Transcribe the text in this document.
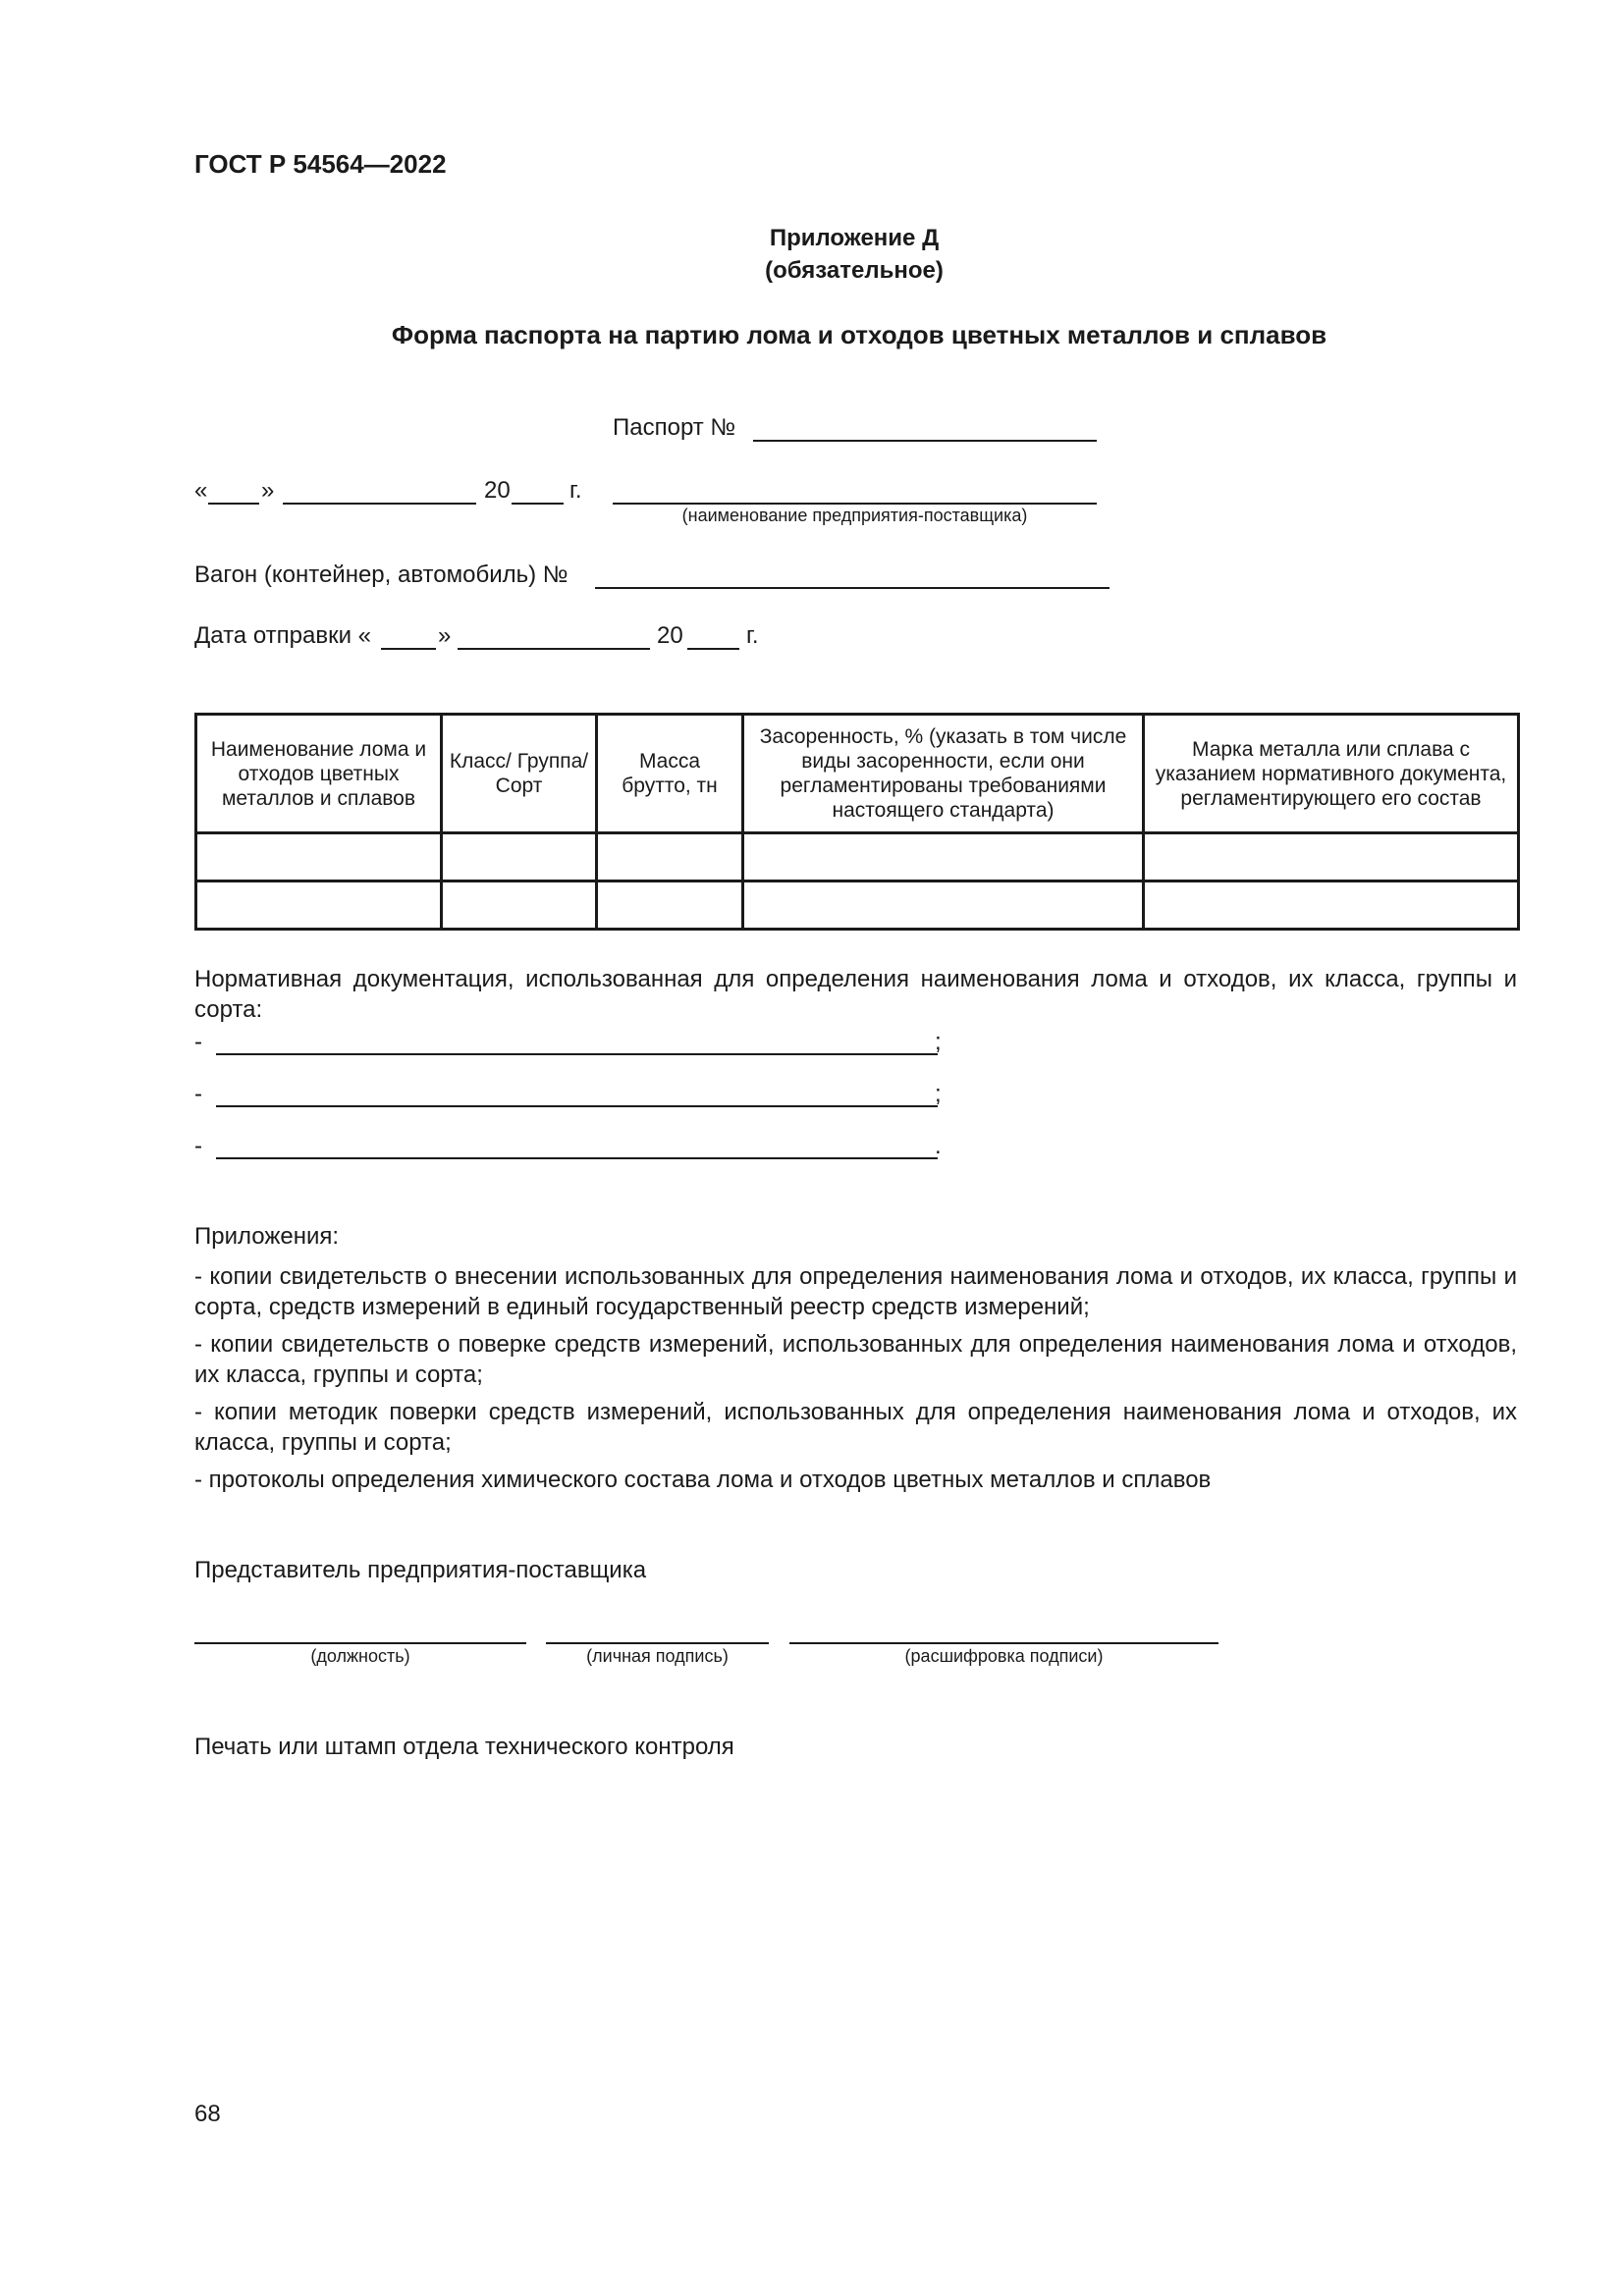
ГОСТ Р 54564—2022
Приложение Д
(обязательное)
Форма паспорта на партию лома и отходов цветных металлов и сплавов
Паспорт №
« »	20	г.
(наименование предприятия-поставщика)
Вагон (контейнер, автомобиль) №
Дата отправки «	»	20	г.
Наименование лома и отходов цветных металлов и сплавов	Класс/ Группа/ Сорт	Масса брутто, тн	Засоренность, % (указать в том числе виды засоренности, если они регламентированы требованиями настоящего стандарта)	Марка металла или сплава с указанием нормативного документа, регламентирующего его состав

Нормативная документация, использованная для определения наименования лома и отходов, их класса, группы и сорта:
-	;
-	;
-	.
Приложения:
- копии свидетельств о внесении использованных для определения наименования лома и отходов, их класса, группы и сорта, средств измерений в единый государственный реестр средств измерений;
- копии свидетельств о поверке средств измерений, использованных для определения наименования лома и отходов, их класса, группы и сорта;
- копии методик поверки средств измерений, использованных для определения наименования лома и отходов, их класса, группы и сорта;
- протоколы определения химического состава лома и отходов цветных металлов и сплавов
Представитель предприятия-поставщика
(должность)	(личная подпись)	(расшифровка подписи)
Печать или штамп отдела технического контроля
68
